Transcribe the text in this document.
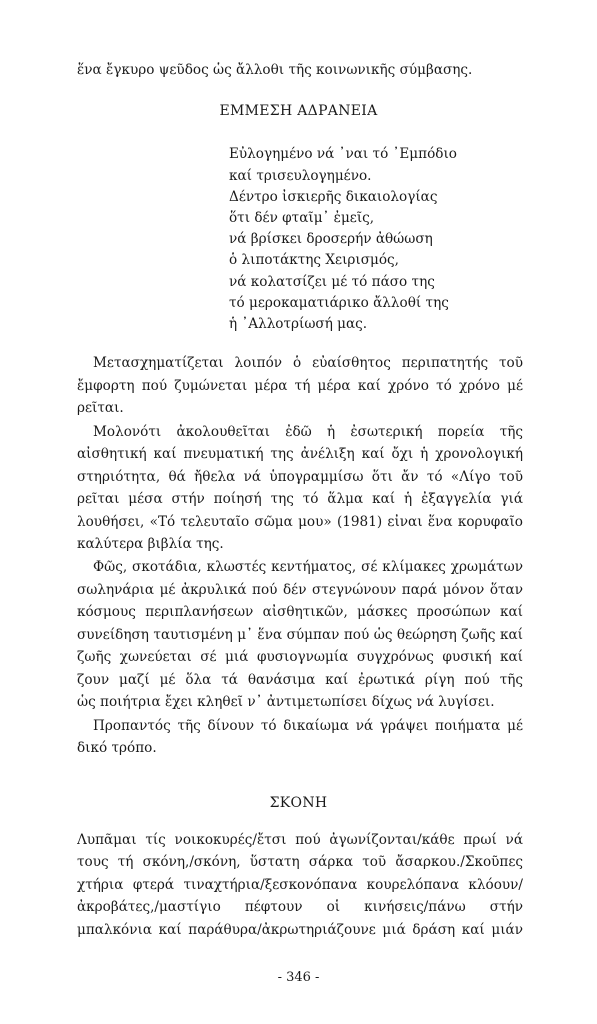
ἕνα ἔγκυρο ψεῦδος ὡς ἄλλοθι τῆς κοινωνικῆς σύμβασης.
ΕΜΜΕΣΗ ΑΔΡΑΝΕΙΑ
Εὐλογημένο νά ᾿ναι τό ᾿Εμπόδιο
καί τρισευλογημένο.
Δέντρο ἰσκιερῆς δικαιολογίας
ὅτι δέν φταῖμ᾿ ἐμεῖς,
νά βρίσκει δροσερήν ἀθώωση
ὁ λιποτάκτης Χειρισμός,
νά κολατσίζει μέ τό πάσο της
τό μεροκαματιάρικο ἄλλοθί της
ἡ ᾿Αλλοτρίωσή μας.
Μετασχηματίζεται λοιπόν ὁ εὐαίσθητος περιπατητής τοῦ
ἔμφορτη πού ζυμώνεται μέρα τή μέρα καί χρόνο τό χρόνο μέ
ρεῖται.
Μολονότι ἀκολουθεῖται ἐδῶ ἡ ἐσωτερική πορεία τῆς
αἰσθητική καί πνευματική της ἀνέλιξη καί ὄχι ἡ χρονολογική
στηριότητα, θά ἤθελα νά ὑπογραμμίσω ὅτι ἄν τό «Λίγο τοῦ
ρεῖται μέσα στήν ποίησή της τό ἅλμα καί ἡ ἐξαγγελία γιά
λουθήσει, «Τό τελευταῖο σῶμα μου» (1981) εἶναι ἕνα κορυφαῖο
καλύτερα βιβλία της.
Φῶς, σκοτάδια, κλωστές κεντήματος, σέ κλίμακες χρωμάτων
σωληνάρια μέ ἀκρυλικά πού δέν στεγνώνουν παρά μόνον ὅταν
κόσμους περιπλανήσεων αἰσθητικῶν, μάσκες προσώπων καί
συνείδηση ταυτισμένη μ᾿ ἕνα σύμπαν πού ὡς θεώρηση ζωῆς καί
ζωῆς χωνεύεται σέ μιά φυσιογνωμία συγχρόνως φυσική καί
ζουν μαζί μέ ὅλα τά θανάσιμα καί ἐρωτικά ρίγη πού τῆς
ὡς ποιήτρια ἔχει κληθεῖ ν᾿ ἀντιμετωπίσει δίχως νά λυγίσει.
Προπαντός τῆς δίνουν τό δικαίωμα νά γράψει ποιήματα μέ
δικό τρόπο.
ΣΚΟΝΗ
Λυπᾶμαι τίς νοικοκυρές/ἔτσι πού ἀγωνίζονται/κάθε πρωί νά
τους τή σκόνη,/σκόνη, ὕστατη σάρκα τοῦ ἄσαρκου./Σκοῦπες
χτήρια φτερά τιναχτήρια/ξεσκονόπανα κουρελόπανα κλόουν/
ἀκροβάτες,/μαστίγιο πέφτουν οἱ κινήσεις/πάνω στήν
μπαλκόνια καί παράθυρα/ἀκρωτηριάζουνε μιά δράση καί μιάν
- 346 -
